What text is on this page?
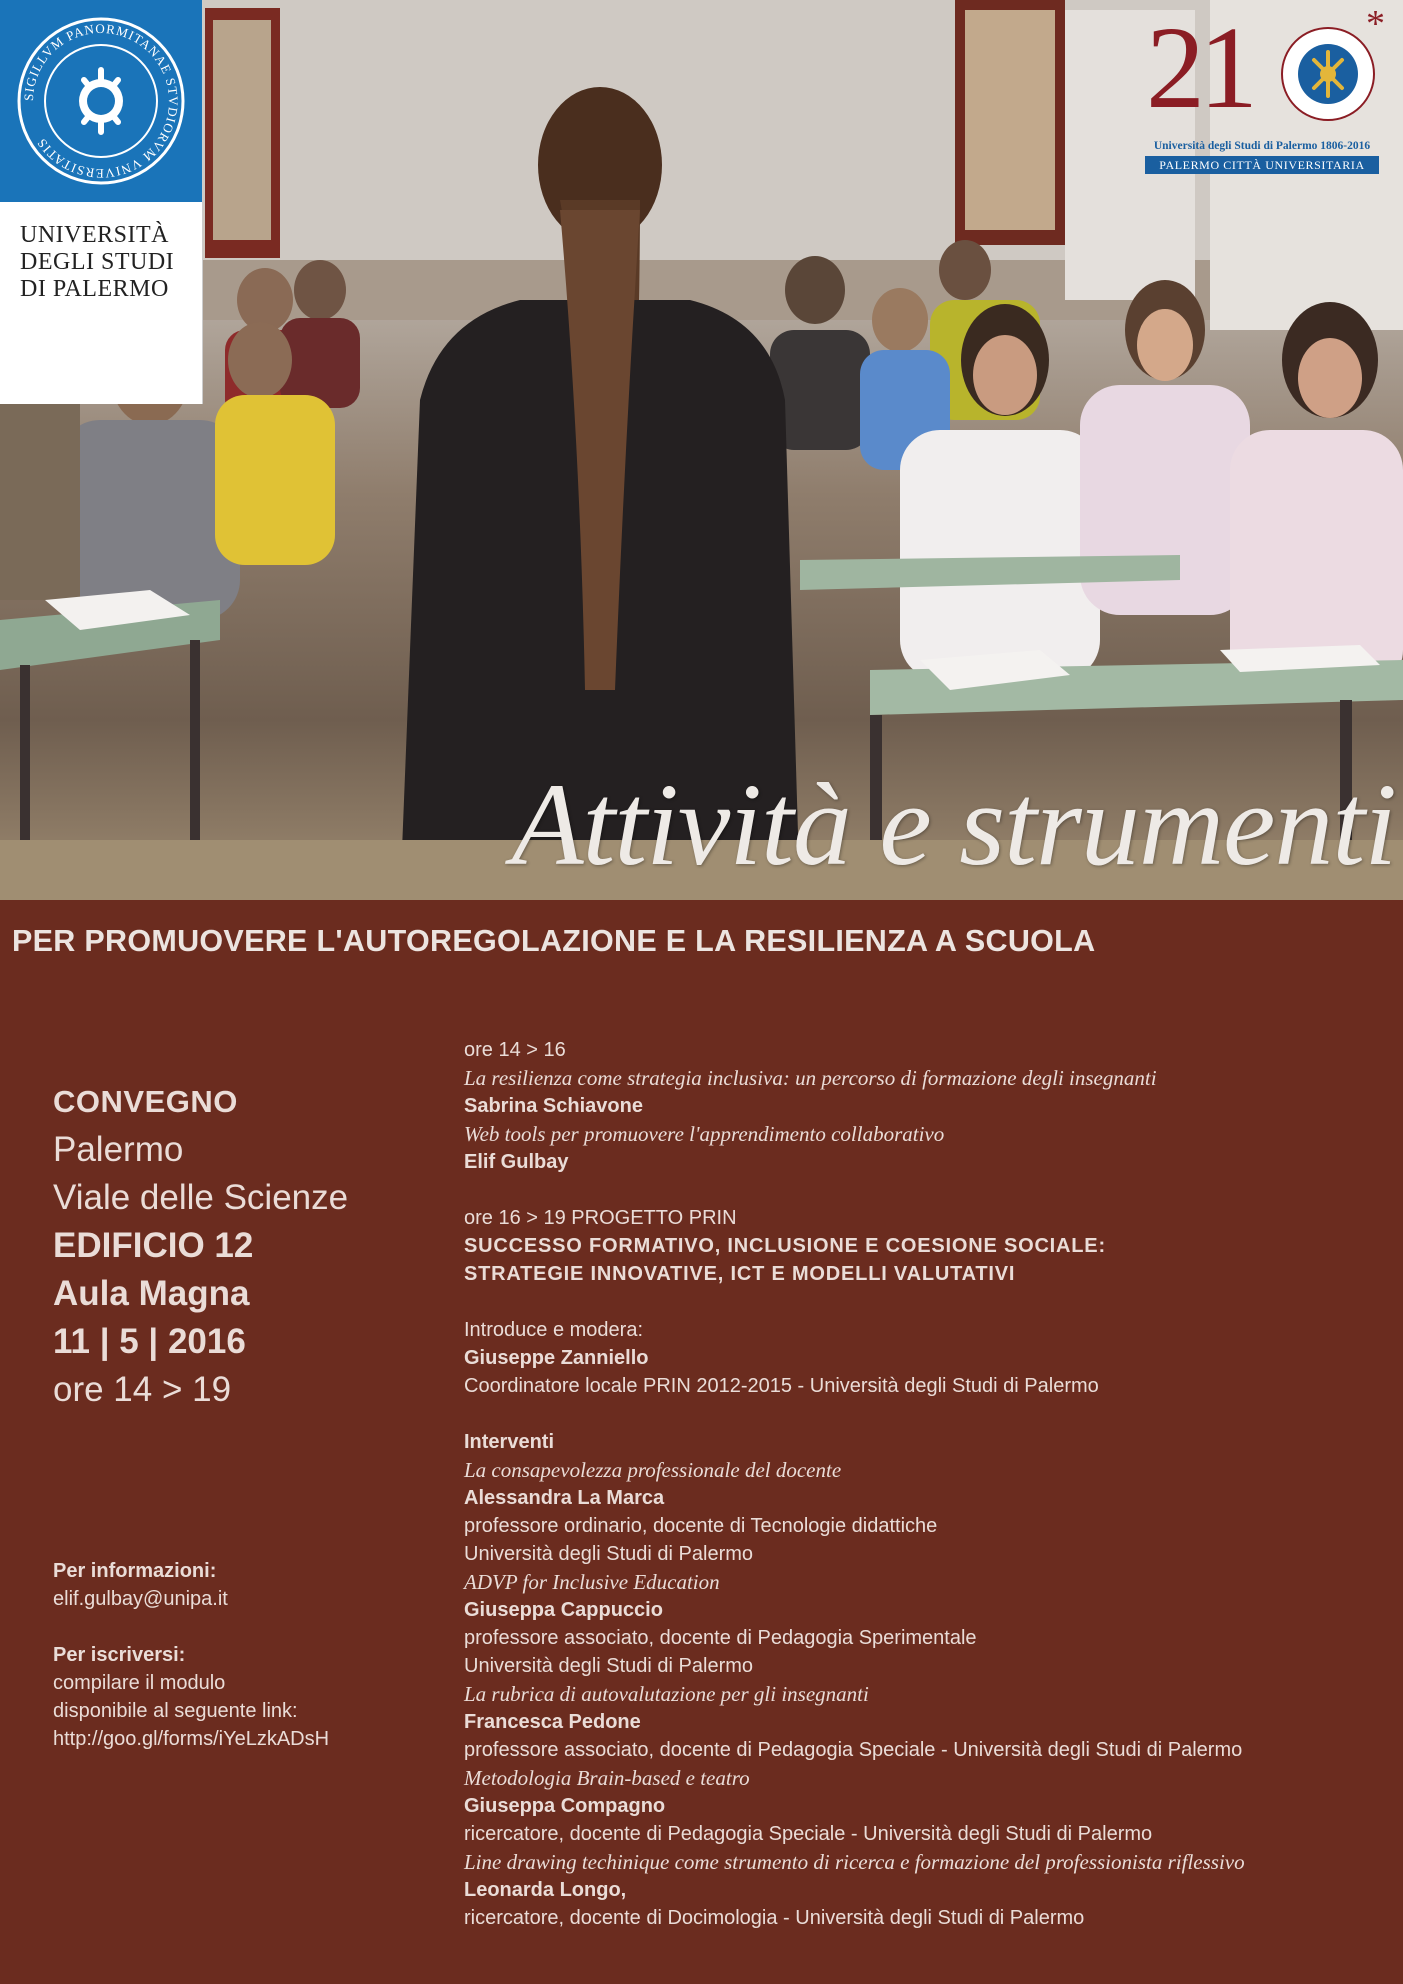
SIGILLVM PANORMITANAE STVDIORVM VNIVERSITATIS
UNIVERSITÀ
DEGLI STUDI
DI PALERMO
21	*
Università degli Studi di Palermo 1806-2016
PALERMO CITTÀ UNIVERSITARIA
Attività e strumenti
PER PROMUOVERE L'AUTOREGOLAZIONE E LA RESILIENZA A SCUOLA
CONVEGNO
Palermo
Viale delle Scienze
EDIFICIO 12
Aula Magna
11 | 5 | 2016
ore 14 > 19
Per informazioni:
elif.gulbay@unipa.it
Per iscriversi:
compilare il modulo
disponibile al seguente link:
http://goo.gl/forms/iYeLzkADsH
ore 14 > 16
La resilienza come strategia inclusiva: un percorso di formazione degli insegnanti
Sabrina Schiavone
Web tools per promuovere l'apprendimento collaborativo
Elif Gulbay
ore 16 > 19 PROGETTO PRIN
SUCCESSO FORMATIVO, INCLUSIONE E COESIONE SOCIALE:
STRATEGIE INNOVATIVE, ICT E MODELLI VALUTATIVI
Introduce e modera:
Giuseppe Zanniello
Coordinatore locale PRIN 2012-2015 - Università degli Studi di Palermo
Interventi
La consapevolezza professionale del docente
Alessandra La Marca
professore ordinario, docente di Tecnologie didattiche
Università degli Studi di Palermo
ADVP for Inclusive Education
Giuseppa Cappuccio
professore associato, docente di Pedagogia Sperimentale
Università degli Studi di Palermo
La rubrica di autovalutazione per gli insegnanti
Francesca Pedone
professore associato, docente di Pedagogia Speciale - Università degli Studi di Palermo
Metodologia Brain-based e teatro
Giuseppa Compagno
ricercatore, docente di Pedagogia Speciale - Università degli Studi di Palermo
Line drawing techinique come strumento di ricerca e formazione del professionista riflessivo
Leonarda Longo,
ricercatore, docente di Docimologia - Università degli Studi di Palermo
